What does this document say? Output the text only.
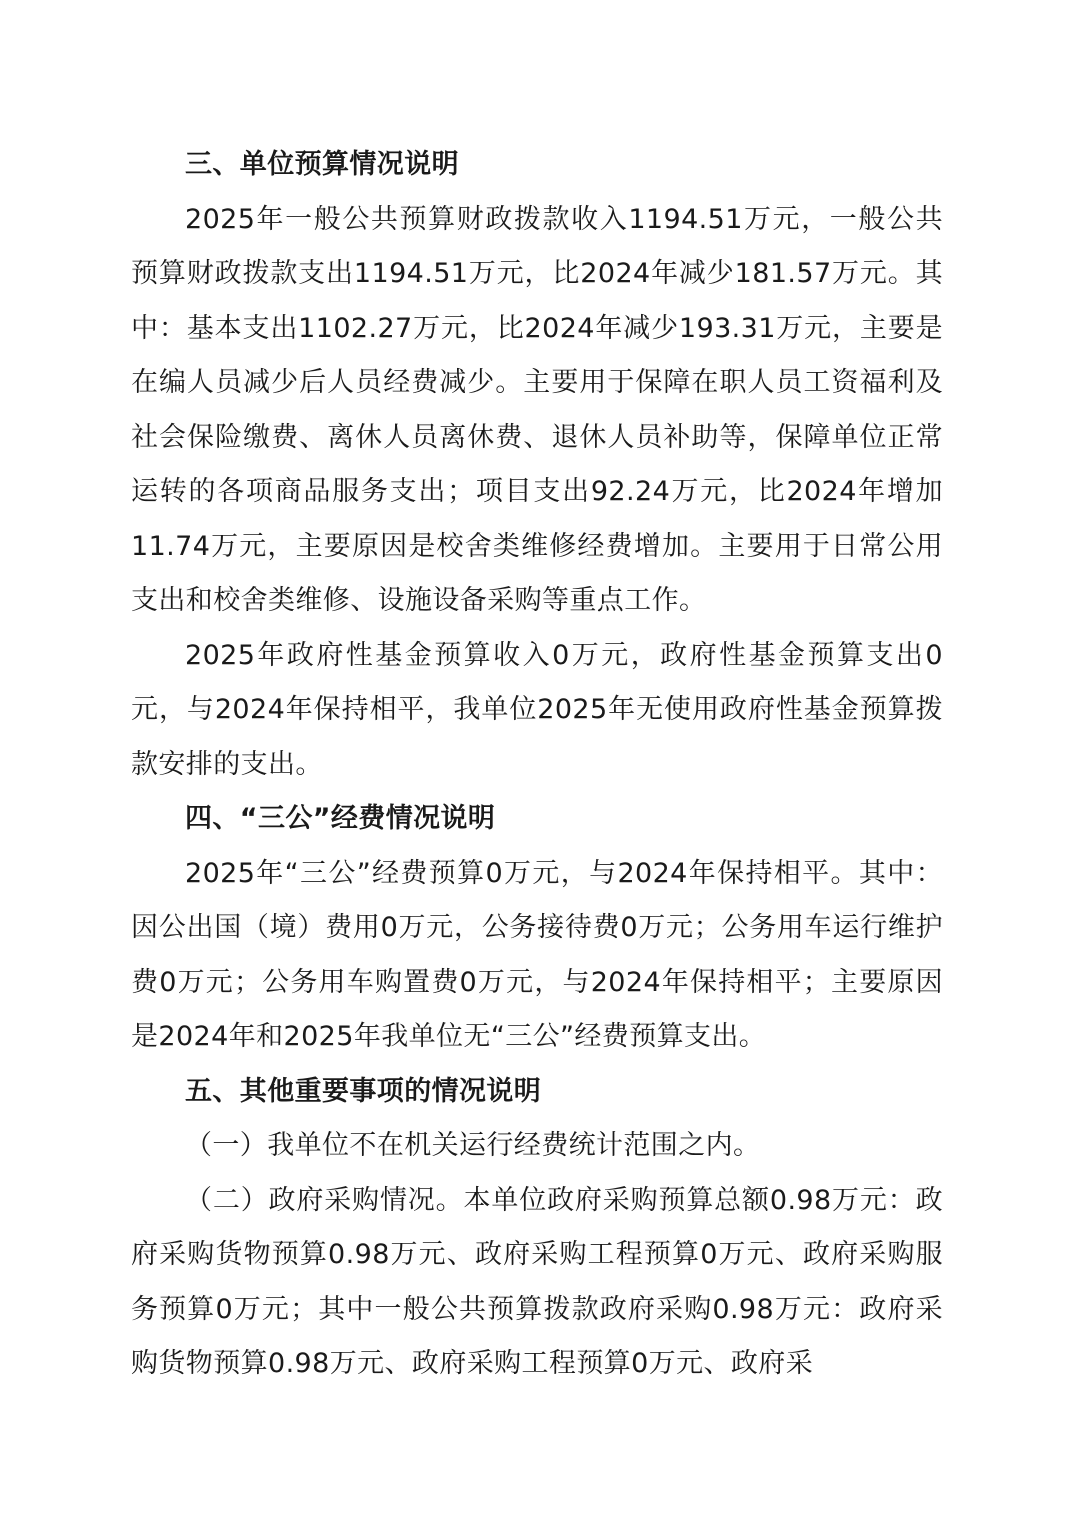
三、单位预算情况说明

2025年一般公共预算财政拨款收入1194.51万元，一般公共预算财政拨款支出1194.51万元，比2024年减少181.57万元。其中：基本支出1102.27万元，比2024年减少193.31万元，主要是在编人员减少后人员经费减少。主要用于保障在职人员工资福利及社会保险缴费、离休人员离休费、退休人员补助等，保障单位正常运转的各项商品服务支出；项目支出92.24万元，比2024年增加11.74万元，主要原因是校舍类维修经费增加。主要用于日常公用支出和校舍类维修、设施设备采购等重点工作。

2025年政府性基金预算收入0万元，政府性基金预算支出0元，与2024年保持相平，我单位2025年无使用政府性基金预算拨款安排的支出。

四、“三公”经费情况说明

2025年“三公”经费预算0万元，与2024年保持相平。其中：因公出国（境）费用0万元，公务接待费0万元；公务用车运行维护费0万元；公务用车购置费0万元，与2024年保持相平；主要原因是2024年和2025年我单位无“三公”经费预算支出。

五、其他重要事项的情况说明

（一）我单位不在机关运行经费统计范围之内。

（二）政府采购情况。本单位政府采购预算总额0.98万元：政府采购货物预算0.98万元、政府采购工程预算0万元、政府采购服务预算0万元；其中一般公共预算拨款政府采购0.98万元：政府采购货物预算0.98万元、政府采购工程预算0万元、政府采
